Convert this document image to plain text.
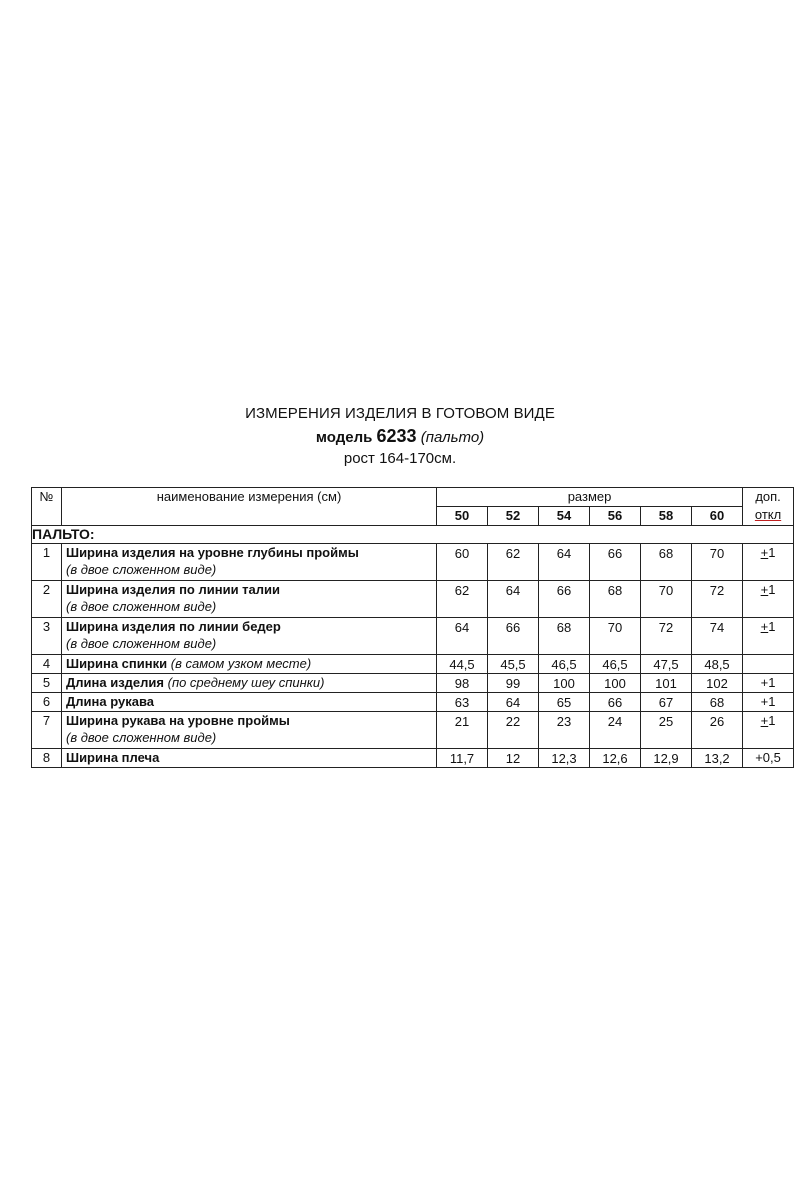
ИЗМЕРЕНИЯ ИЗДЕЛИЯ В ГОТОВОМ ВИДЕ
модель 6233 (пальто)
рост 164-170см.
№	наименование измерения (см)	размер						доп.
откл

		50	52	54	56	58	60	
ПАЛЬТО:								
1	Ширина изделия на уровне глубины проймы
(в двое сложенном виде)	60	62	64	66	68	70	+1
2	Ширина изделия по линии талии
(в двое сложенном виде)	62	64	66	68	70	72	+1
3	Ширина изделия по линии бедер
(в двое сложенном виде)	64	66	68	70	72	74	+1
4	Ширина спинки (в самом узком месте)	44,5	45,5	46,5	46,5	47,5	48,5	
5	Длина изделия (по среднему шеу спинки)	98	99	100	100	101	102	+1
6	Длина рукава	63	64	65	66	67	68	+1
7	Ширина рукава на уровне проймы
(в двое сложенном виде)	21	22	23	24	25	26	+1
8	Ширина плеча	11,7	12	12,3	12,6	12,9	13,2	+0,5
